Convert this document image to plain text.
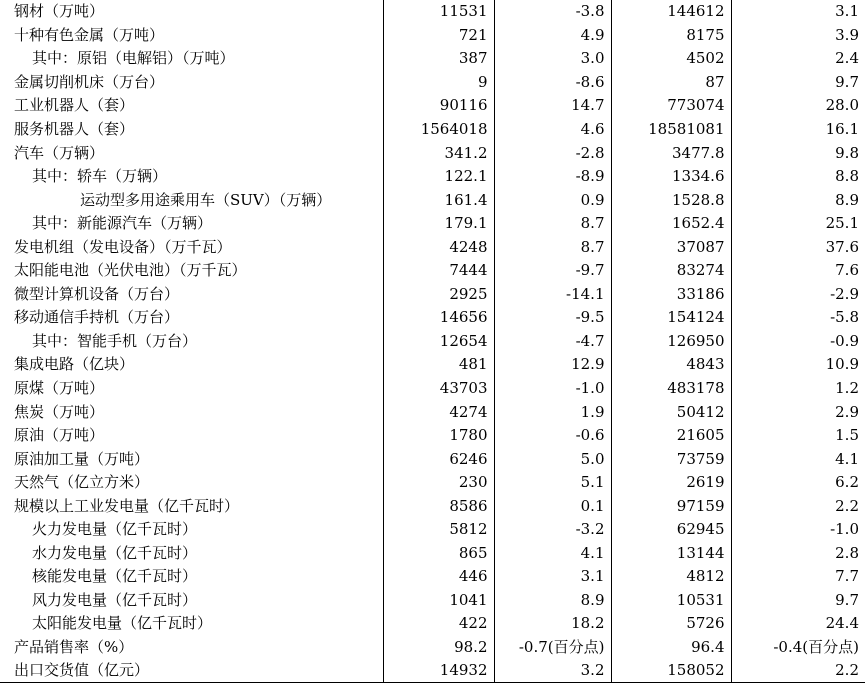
钢材（万吨）	11531	-3.8	144612	3.1
十种有色金属（万吨）	721	4.9	8175	3.9
其中：原铝（电解铝）（万吨）	387	3.0	4502	2.4
金属切削机床（万台）	9	-8.6	87	9.7
工业机器人（套）	90116	14.7	773074	28.0
服务机器人（套）	1564018	4.6	18581081	16.1
汽车（万辆）	341.2	-2.8	3477.8	9.8
其中：轿车（万辆）	122.1	-8.9	1334.6	8.8
运动型多用途乘用车（SUV）（万辆）	161.4	0.9	1528.8	8.9
其中：新能源汽车（万辆）	179.1	8.7	1652.4	25.1
发电机组（发电设备）（万千瓦）	4248	8.7	37087	37.6
太阳能电池（光伏电池）（万千瓦）	7444	-9.7	83274	7.6
微型计算机设备（万台）	2925	-14.1	33186	-2.9
移动通信手持机（万台）	14656	-9.5	154124	-5.8
其中：智能手机（万台）	12654	-4.7	126950	-0.9
集成电路（亿块）	481	12.9	4843	10.9
原煤（万吨）	43703	-1.0	483178	1.2
焦炭（万吨）	4274	1.9	50412	2.9
原油（万吨）	1780	-0.6	21605	1.5
原油加工量（万吨）	6246	5.0	73759	4.1
天然气（亿立方米）	230	5.1	2619	6.2
规模以上工业发电量（亿千瓦时）	8586	0.1	97159	2.2
火力发电量（亿千瓦时）	5812	-3.2	62945	-1.0
水力发电量（亿千瓦时）	865	4.1	13144	2.8
核能发电量（亿千瓦时）	446	3.1	4812	7.7
风力发电量（亿千瓦时）	1041	8.9	10531	9.7
太阳能发电量（亿千瓦时）	422	18.2	5726	24.4
产品销售率（%）	98.2	-0.7(百分点)	96.4	-0.4(百分点)
出口交货值（亿元）	14932	3.2	158052	2.2
